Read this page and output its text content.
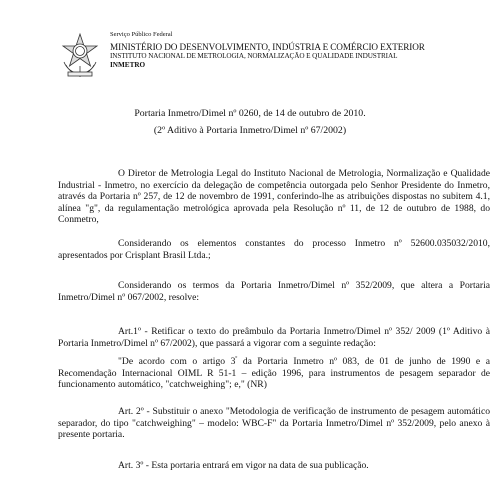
Serviço Público Federal
MINISTÉRIO DO DESENVOLVIMENTO, INDÚSTRIA E COMÉRCIO EXTERIOR
INSTITUTO NACIONAL DE METROLOGIA, NORMALIZAÇÃO E QUALIDADE INDUSTRIAL
INMETRO
Portaria Inmetro/Dimel nº 0260, de 14 de outubro de 2010.
(2º Aditivo à Portaria Inmetro/Dimel nº 67/2002)

O Diretor de Metrologia Legal do Instituto Nacional de Metrologia, Normalização e Qualidade Industrial - Inmetro, no exercício da delegação de competência outorgada pelo Senhor Presidente do Inmetro, através da Portaria nº 257, de 12 de novembro de 1991, conferindo-lhe as atribuições dispostas no subitem 4.1, alínea "g", da regulamentação metrológica aprovada pela Resolução nº 11, de 12 de outubro de 1988, do Conmetro,

Considerando os elementos constantes do processo Inmetro nº 52600.035032/2010, apresentados por Crisplant Brasil Ltda.;

Considerando os termos da Portaria Inmetro/Dimel nº 352/2009, que altera a Portaria Inmetro/Dimel nº 067/2002, resolve:

Art.1º - Retificar o texto do preâmbulo da Portaria Inmetro/Dimel nº 352/ 2009 (1º Aditivo à Portaria Inmetro/Dimel nº 67/2002), que passará a vigorar com a seguinte redação:

"De acordo com o artigo $3^º$ da Portaria Inmetro nº 083, de 01 de junho de 1990 e a Recomendação Internacional OIML R 51-1 – edição 1996, para instrumentos de pesagem separador de funcionamento automático, "catchweighing"; e," (NR)

Art. 2º - Substituir o anexo "Metodologia de verificação de instrumento de pesagem automático separador, do tipo "catchweighing" – modelo: WBC-F" da Portaria Inmetro/Dimel nº 352/2009, pelo anexo à presente portaria.

Art. 3º - Esta portaria entrará em vigor na data de sua publicação.
